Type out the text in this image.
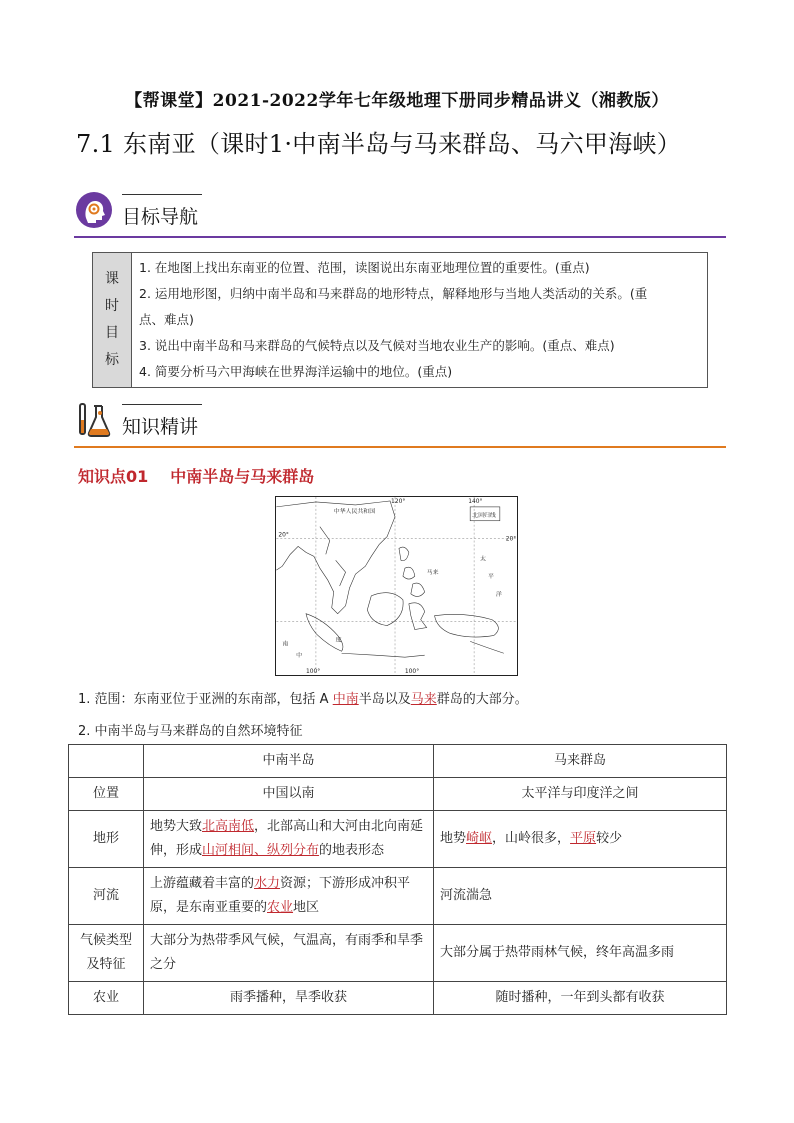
【帮课堂】2021-2022学年七年级地理下册同步精品讲义（湘教版）
7.1 东南亚（课时1·中南半岛与马来群岛、马六甲海峡）
目标导航
课
时
目
标
1. 在地图上找出东南亚的位置、范围，读图说出东南亚地理位置的重要性。(重点)
2. 运用地形图，归纳中南半岛和马来群岛的地形特点，解释地形与当地人类活动的关系。(重
点、难点)
3. 说出中南半岛和马来群岛的气候特点以及气候对当地农业生产的影响。(重点、难点)
4. 简要分析马六甲海峡在世界海洋运输中的地位。(重点)
知识精讲
知识点01 中南半岛与马来群岛
120°	140°
100°	100°
20°
20°
中华人民共和国
北回归线
太
平
洋
马来
南
中
度
1. 范围：东南亚位于亚洲的东南部，包括 A 中南半岛以及马来群岛的大部分。
2. 中南半岛与马来群岛的自然环境特征
	中南半岛	马来群岛
位置	中国以南	太平洋与印度洋之间
地形	地势大致北高南低，北部高山和大河由北向南延伸，形成山河相间、纵列分布的地表形态	地势崎岖，山岭很多，平原较少
河流	上游蕴藏着丰富的水力资源；下游形成冲积平原，是东南亚重要的农业地区	河流湍急
气候类型
及特征	大部分为热带季风气候，气温高，有雨季和旱季之分	大部分属于热带雨林气候，终年高温多雨
农业	雨季播种，旱季收获	随时播种，一年到头都有收获
